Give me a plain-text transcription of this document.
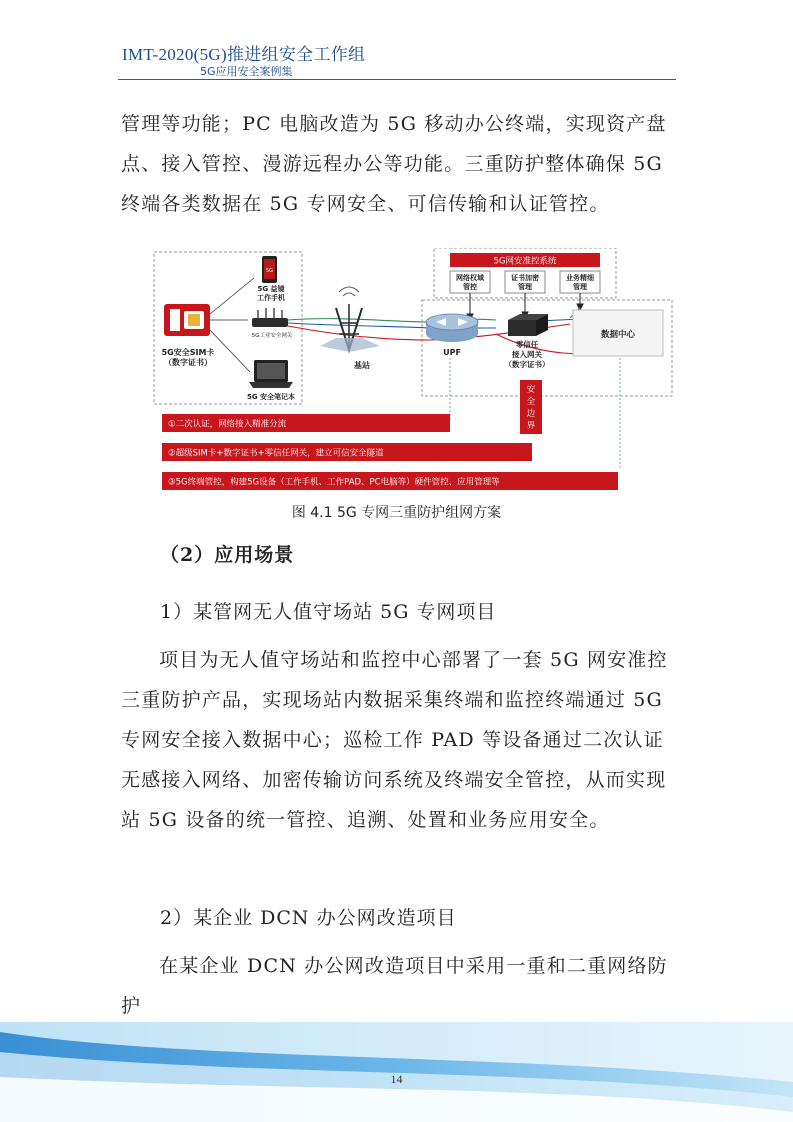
IMT-2020(5G)推进组安全工作组
5G应用安全案例集

管理等功能；PC 电脑改造为 5G 移动办公终端，实现资产盘点、接入管控、漫游远程办公等功能。三重防护整体确保 5G 终端各类数据在 5G 专网安全、可信传输和认证管控。

5G网安准控系统
网络权域
管控
证书加密
管理
业务精细
管理
5G安全SIM卡
（数字证书）
5G
5G 益镜
工作手机
5G工业安全网关
5G 安全笔记本
基站
UPF
零信任
接入网关
（数字证书）
数据中心
安
全
边
界
①二次认证，网络接入精准分流
②超级SIM卡+数字证书+零信任网关，建立可信安全隧道
③5G终端管控，构建5G设备（工作手机、工作PAD、PC电脑等）硬件管控、应用管理等
图 4.1 5G 专网三重防护组网方案
（2）应用场景
1）某管网无人值守场站 5G 专网项目

项目为无人值守场站和监控中心部署了一套 5G 网安准控三重防护产品，实现场站内数据采集终端和监控终端通过 5G 专网安全接入数据中心；巡检工作 PAD 等设备通过二次认证无感接入网络、加密传输访问系统及终端安全管控，从而实现站 5G 设备的统一管控、追溯、处置和业务应用安全。

2）某企业 DCN 办公网改造项目

在某企业 DCN 办公网改造项目中采用一重和二重网络防护

14
